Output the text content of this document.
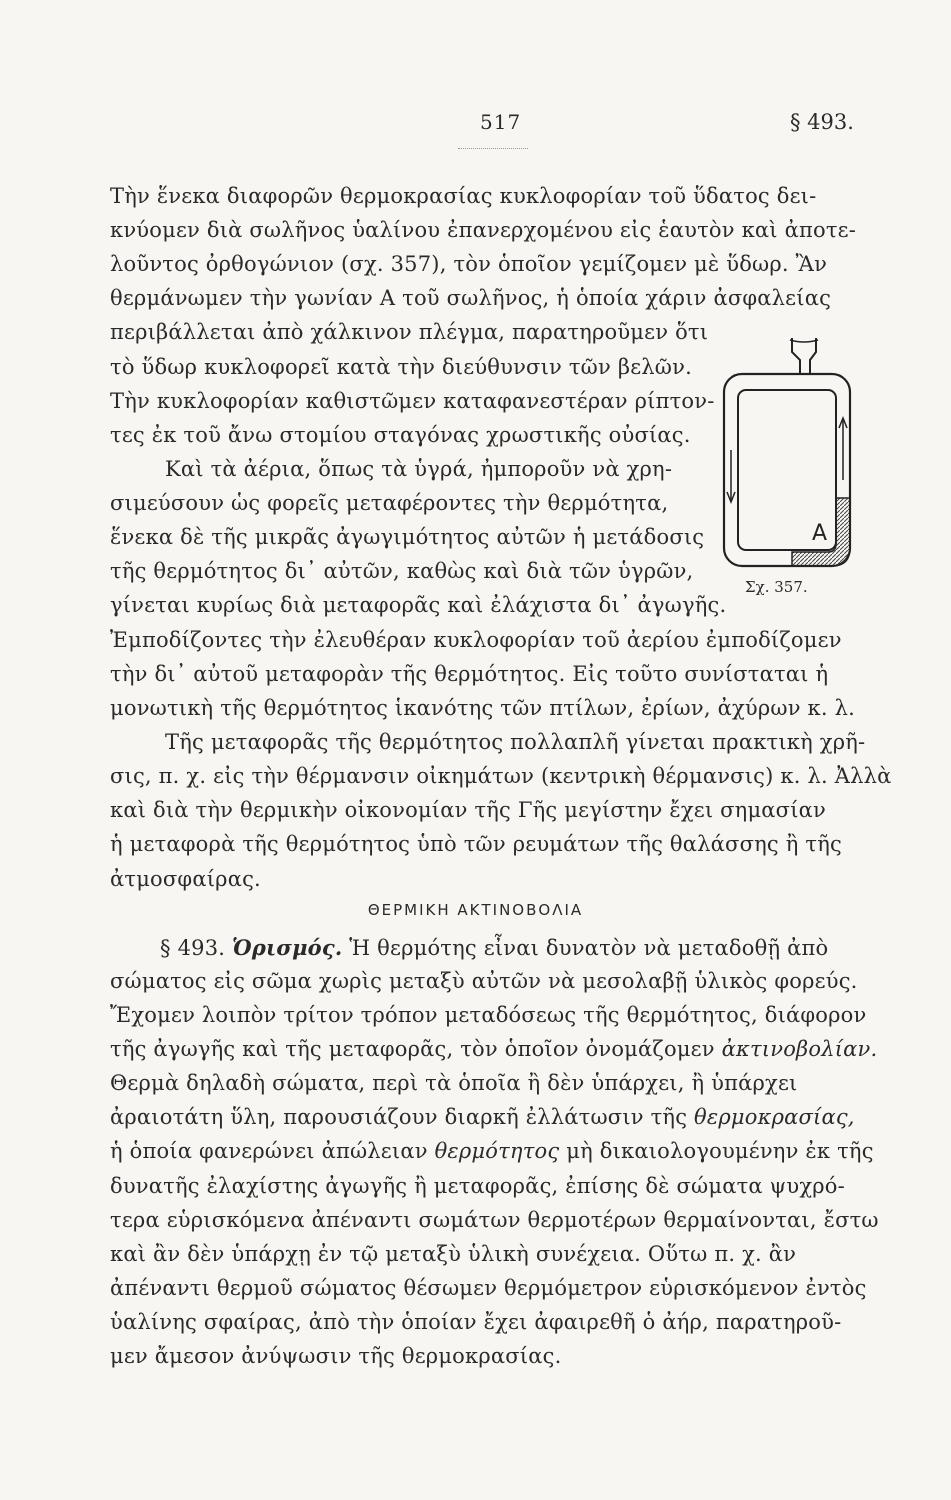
517	§ 493.
Τὴν ἕνεκα διαφορῶν θερμοκρασίας κυκλοφορίαν τοῦ ὕδατος δει-
κνύομεν διὰ σωλῆνος ὑαλίνου ἐπανερχομένου εἰς ἑαυτὸν καὶ ἀποτε-
λοῦντος ὀρθογώνιον (σχ. 357), τὸν ὁποῖον γεμίζομεν μὲ ὕδωρ. Ἂν
θερμάνωμεν τὴν γωνίαν Α τοῦ σωλῆνος, ἡ ὁποία χάριν ἀσφαλείας
περιβάλλεται ἀπὸ χάλκινον πλέγμα, παρατηροῦμεν ὅτι
τὸ ὕδωρ κυκλοφορεῖ κατὰ τὴν διεύθυνσιν τῶν βελῶν.
Τὴν κυκλοφορίαν καθιστῶμεν καταφανεστέραν ρίπτον-
τες ἐκ τοῦ ἄνω στομίου σταγόνας χρωστικῆς οὐσίας.
Καὶ τὰ ἀέρια, ὅπως τὰ ὑγρά, ἠμποροῦν νὰ χρη-
σιμεύσουν ὡς φορεῖς μεταφέροντες τὴν θερμότητα,
ἕνεκα δὲ τῆς μικρᾶς ἀγωγιμότητος αὐτῶν ἡ μετάδοσις
τῆς θερμότητος δι᾽ αὐτῶν, καθὼς καὶ διὰ τῶν ὑγρῶν,
γίνεται κυρίως διὰ μεταφορᾶς καὶ ἐλάχιστα δι᾽ ἀγωγῆς.
Ἐμποδίζοντες τὴν ἐλευθέραν κυκλοφορίαν τοῦ ἀερίου ἐμποδίζομεν
τὴν δι᾽ αὐτοῦ μεταφορὰν τῆς θερμότητος. Εἰς τοῦτο συνίσταται ἡ
μονωτικὴ τῆς θερμότητος ἱκανότης τῶν πτίλων, ἐρίων, ἀχύρων κ. λ.
Τῆς μεταφορᾶς τῆς θερμότητος πολλαπλῆ γίνεται πρακτικὴ χρῆ-
σις, π. χ. εἰς τὴν θέρμανσιν οἰκημάτων (κεντρικὴ θέρμανσις) κ. λ. Ἀλλὰ
καὶ διὰ τὴν θερμικὴν οἰκονομίαν τῆς Γῆς μεγίστην ἔχει σημασίαν
ἡ μεταφορὰ τῆς θερμότητος ὑπὸ τῶν ρευμάτων τῆς θαλάσσης ἢ τῆς
ἀτμοσφαίρας.
ΘΕΡΜΙΚΗ ΑΚΤΙΝΟΒΟΛΙΑ
§ 493. Ὁρισμός. Ἡ θερμότης εἶναι δυνατὸν νὰ μεταδοθῇ ἀπὸ
σώματος εἰς σῶμα χωρὶς μεταξὺ αὐτῶν νὰ μεσολαβῇ ὑλικὸς φορεύς.
Ἔχομεν λοιπὸν τρίτον τρόπον μεταδόσεως τῆς θερμότητος, διάφορον
τῆς ἀγωγῆς καὶ τῆς μεταφορᾶς, τὸν ὁποῖον ὀνομάζομεν ἀκτινοβολίαν.
Θερμὰ δηλαδὴ σώματα, περὶ τὰ ὁποῖα ἢ δὲν ὑπάρχει, ἢ ὑπάρχει
ἀραιοτάτη ὕλη, παρουσιάζουν διαρκῆ ἐλλάτωσιν τῆς θερμοκρασίας,
ἡ ὁποία φανερώνει ἀπώλειαν θερμότητος μὴ δικαιολογουμένην ἐκ τῆς
δυνατῆς ἐλαχίστης ἀγωγῆς ἢ μεταφορᾶς, ἐπίσης δὲ σώματα ψυχρό-
τερα εὑρισκόμενα ἀπέναντι σωμάτων θερμοτέρων θερμαίνονται, ἔστω
καὶ ἂν δὲν ὑπάρχῃ ἐν τῷ μεταξὺ ὑλικὴ συνέχεια. Οὕτω π. χ. ἂν
ἀπέναντι θερμοῦ σώματος θέσωμεν θερμόμετρον εὑρισκόμενον ἐντὸς
ὑαλίνης σφαίρας, ἀπὸ τὴν ὁποίαν ἔχει ἀφαιρεθῆ ὁ ἀήρ, παρατηροῦ-
μεν ἄμεσον ἀνύψωσιν τῆς θερμοκρασίας.
A
Σχ. 357.
